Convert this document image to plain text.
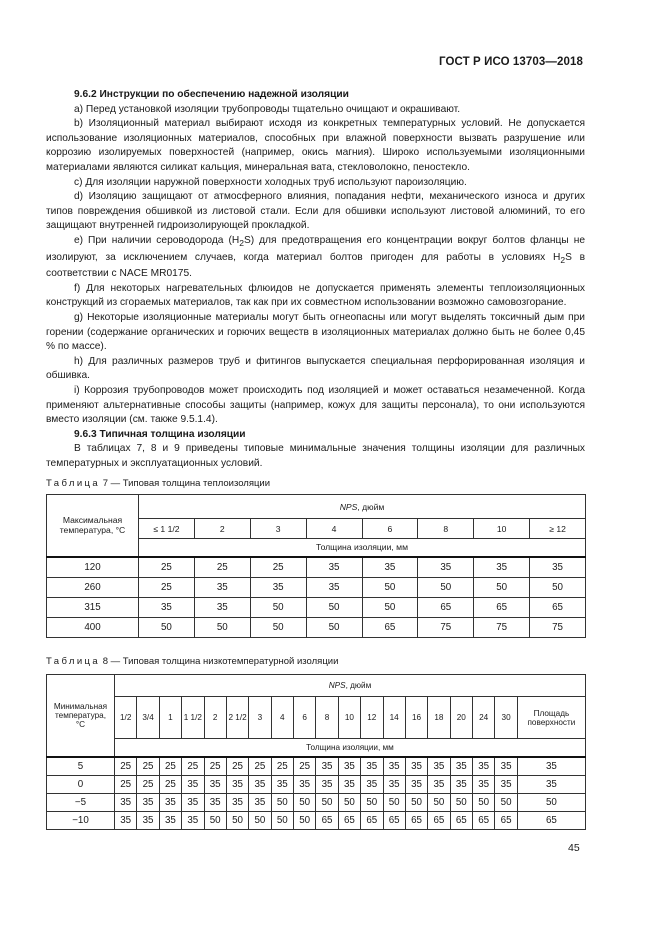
ГОСТ Р ИСО 13703—2018

9.6.2 Инструкции по обеспечению надежной изоляции

а) Перед установкой изоляции трубопроводы тщательно очищают и окрашивают.

b) Изоляционный материал выбирают исходя из конкретных температурных условий. Не допускается использование изоляционных материалов, способных при влажной поверхности вызвать разрушение или коррозию изолируемых поверхностей (например, окись магния). Широко используемыми изоляционными материалами являются силикат кальция, минеральная вата, стекловолокно, пеностекло.

c) Для изоляции наружной поверхности холодных труб используют пароизоляцию.

d) Изоляцию защищают от атмосферного влияния, попадания нефти, механического износа и других типов повреждения обшивкой из листовой стали. Если для обшивки используют листовой алюминий, то его защищают внутренней гидроизолирующей прокладкой.

е) При наличии сероводорода $(H_2S)$ для предотвращения его концентрации вокруг болтов фланцы не изолируют, за исключением случаев, когда материал болтов пригоден для работы в условиях $H_2S$ в соответствии с NACE MR0175.

f) Для некоторых нагревательных флюидов не допускается применять элементы теплоизоляционных конструкций из сгораемых материалов, так как при их совместном использовании возможно самовозгорание.

g) Некоторые изоляционные материалы могут быть огнеопасны или могут выделять токсичный дым при горении (содержание органических и горючих веществ в изоляционных материалах должно быть не более 0,45 % по массе).

h) Для различных размеров труб и фитингов выпускается специальная перфорированная изоляция и обшивка.

i) Коррозия трубопроводов может происходить под изоляцией и может оставаться незамеченной. Когда применяют альтернативные способы защиты (например, кожух для защиты персонала), то они используются вместо изоляции (см. также 9.5.1.4).

9.6.3 Типичная толщина изоляции

В таблицах 7, 8 и 9 приведены типовые минимальные значения толщины изоляции для различных температурных и эксплуатационных условий.

Таблица 7 — Типовая толщина теплоизоляции
Максимальная температура, °С	NPS, дюйм							
	≤ 1 1/2	2	3	4	6	8	10	≥ 12
	Толщина изоляции, мм							
120	25	25	25	35	35	35	35	35
260	25	35	35	35	50	50	50	50
315	35	35	50	50	50	65	65	65
400	50	50	50	50	65	75	75	75
Таблица 8 — Типовая толщина низкотемпературной изоляции
Минимальная температура, °С	NPS, дюйм																		
	1/2	3/4	1	1 1/2	2	2 1/2	3	4	6	8	10	12	14	16	18	20	24	30	Площадь поверхности
	Толщина изоляции, мм																		
5	25	25	25	25	25	25	25	25	25	35	35	35	35	35	35	35	35	35	35
0	25	25	25	35	35	35	35	35	35	35	35	35	35	35	35	35	35	35	35
−5	35	35	35	35	35	35	35	50	50	50	50	50	50	50	50	50	50	50	50
−10	35	35	35	35	50	50	50	50	50	65	65	65	65	65	65	65	65	65	65
45
